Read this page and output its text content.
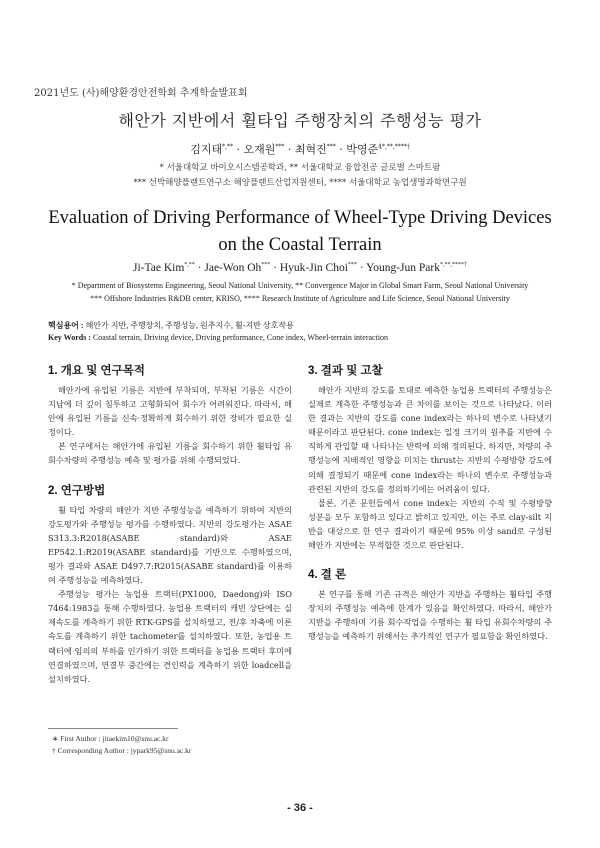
2021년도 (사)해양환경안전학회 추계학술발표회
해안가 지반에서 휠타입 주행장치의 주행성능 평가
김지태*,** · 오재원*** · 최혁진*** · 박영준$^{4*,**,****\dagger}$
* 서울대학교 바이오시스템공학과, ** 서울대학교 융합전공 글로벌 스마트팜
*** 선박해양플랜트연구소 해양플랜트산업지원센터, **** 서울대학교 농업생명과학연구원
Evaluation of Driving Performance of Wheel-Type Driving Devices
on the Coastal Terrain
Ji-Tae Kim*,** · Jae-Won Oh*** · Hyuk-Jin Choi*** · Young-Jun Park*,**,****†
* Department of Biosystems Engineering, Seoul National University, ** Convergence Major in Global Smart Farm, Seoul National University
*** Offshore Industries R&DB center, KRISO, **** Research Institute of Agriculture and Life Science, Seoul National University
핵심용어 : 해안가 지반, 주행장치, 주행성능, 원추지수, 휠-지반 상호작용
Key Words : Coastal terrain, Driving device, Driving performance, Cone index, Wheel-terrain interaction
1. 개요 및 연구목적

해안가에 유입된 기름은 지반에 부착되며, 부착된 기름은 시간이 지남에 더 깊이 침투하고 고형화되어 회수가 어려워진다. 따라서, 해안에 유입된 기름을 신속·정확하게 회수하기 위한 장비가 필요한 실정이다.

본 연구에서는 해안가에 유입된 기름을 회수하기 위한 휠타입 유회수차량의 주행성능 예측 및 평가를 위해 수행되었다.

2. 연구방법

휠 타입 차량의 해안가 지반 주행성능을 예측하기 위하여 지반의 강도평가와 주행성능 평가를 수행하였다. 지반의 강도평가는 ASAE S313.3:R2018(ASABE standard)와 ASAE EP542.1:R2019(ASABE standard)를 기반으로 수행하였으며, 평가 결과와 ASAE D497.7:R2015(ASABE standard)를 이용하여 주행성능을 예측하였다.

주행성능 평가는 농업용 트랙터(PX1000, Daedong)와 ISO 7464:1983을 통해 수행하였다. 농업용 트랙터의 캐빈 상단에는 실제속도를 계측하기 위한 RTK-GPS를 설치하였고, 전/후 차축에 이론속도를 계측하기 위한 tachometer를 설치하였다. 또한, 농업용 트랙터에 임의의 부하를 인가하기 위한 트랙터를 농업용 트랙터 후미에 연결하였으며, 연결부 중간에는 견인력을 계측하기 위한 loadcell을 설치하였다.

3. 결과 및 고찰

해안가 지반의 강도를 토대로 예측한 농업용 트랙터의 주행성능은 실제로 계측한 주행성능과 큰 차이를 보이는 것으로 나타났다. 이러한 결과는 지반의 강도를 cone index라는 하나의 변수로 나타냈기 때문이라고 판단된다. cone index는 일정 크기의 원추를 지반에 수직하게 관입할 때 나타나는 반력에 의해 정의된다. 하지만, 차량의 주행성능에 지배적인 영향을 미치는 thrust는 지반의 수평방향 강도에 의해 결정되기 때문에 cone index라는 하나의 변수로 주행성능과 관련된 지반의 강도를 정의하기에는 어려움이 있다.

물론, 기존 문헌들에서 cone index는 지반의 수직 및 수평방향 성분을 모두 포함하고 있다고 밝히고 있지만, 이는 주로 clay-silt 지반을 대상으로 한 연구 결과이기 때문에 95% 이상 sand로 구성된 해안가 지반에는 부적합한 것으로 판단된다.

4. 결 론

본 연구를 통해 기존 규격은 해안가 지반을 주행하는 휠타입 주행장치의 주행성능 예측에 한계가 있음을 확인하였다. 따라서, 해안가 지반을 주행하며 기름 회수작업을 수행하는 휠 타입 유회수차량의 주행성능을 예측하기 위해서는 추가적인 연구가 필요함을 확인하였다.

∗ First Author : jitaekim10@snu.ac.kr
† Corresponding Author : jypark95@snu.ac.kr
- 36 -
